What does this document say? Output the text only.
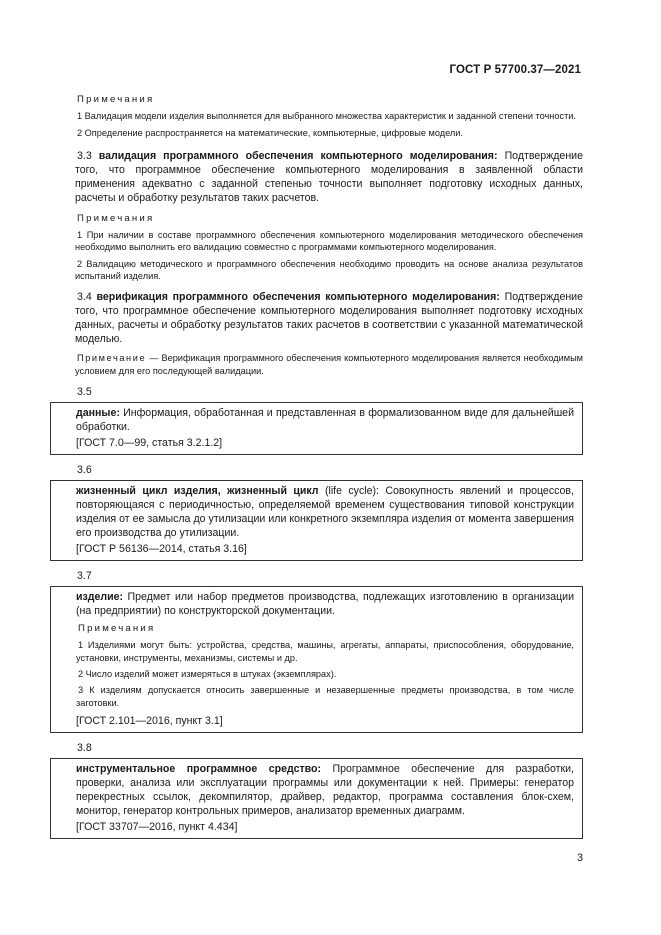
ГОСТ Р 57700.37—2021

Примечания

1 Валидация модели изделия выполняется для выбранного множества характеристик и заданной степени точности.

2 Определение распространяется на математические, компьютерные, цифровые модели.

3.3 валидация программного обеспечения компьютерного моделирования: Подтверждение того, что программное обеспечение компьютерного моделирования в заявленной области применения адекватно с заданной степенью точности выполняет подготовку исходных данных, расчеты и обработку результатов таких расчетов.

Примечания

1 При наличии в составе программного обеспечения компьютерного моделирования методического обеспечения необходимо выполнить его валидацию совместно с программами компьютерного моделирования.

2 Валидацию методического и программного обеспечения необходимо проводить на основе анализа результатов испытаний изделия.

3.4 верификация программного обеспечения компьютерного моделирования: Подтверждение того, что программное обеспечение компьютерного моделирования выполняет подготовку исходных данных, расчеты и обработку результатов таких расчетов в соответствии с указанной математической моделью.

Примечание — Верификация программного обеспечения компьютерного моделирования является необходимым условием для его последующей валидации.

3.5

данные: Информация, обработанная и представленная в формализованном виде для дальнейшей обработки.

[ГОСТ 7.0—99, статья 3.2.1.2]

3.6

жизненный цикл изделия, жизненный цикл (life cycle): Совокупность явлений и процессов, повторяющаяся с периодичностью, определяемой временем существования типовой конструкции изделия от ее замысла до утилизации или конкретного экземпляра изделия от момента завершения его производства до утилизации.

[ГОСТ Р 56136—2014, статья 3.16]

3.7

изделие: Предмет или набор предметов производства, подлежащих изготовлению в организации (на предприятии) по конструкторской документации.

Примечания

1 Изделиями могут быть: устройства, средства, машины, агрегаты, аппараты, приспособления, оборудование, установки, инструменты, механизмы, системы и др.

2 Число изделий может измеряться в штуках (экземплярах).

3 К изделиям допускается относить завершенные и незавершенные предметы производства, в том числе заготовки.

[ГОСТ 2.101—2016, пункт 3.1]

3.8

инструментальное программное средство: Программное обеспечение для разработки, проверки, анализа или эксплуатации программы или документации к ней. Примеры: генератор перекрестных ссылок, декомпилятор, драйвер, редактор, программа составления блок-схем, монитор, генератор контрольных примеров, анализатор временных диаграмм.

[ГОСТ 33707—2016, пункт 4.434]

3
